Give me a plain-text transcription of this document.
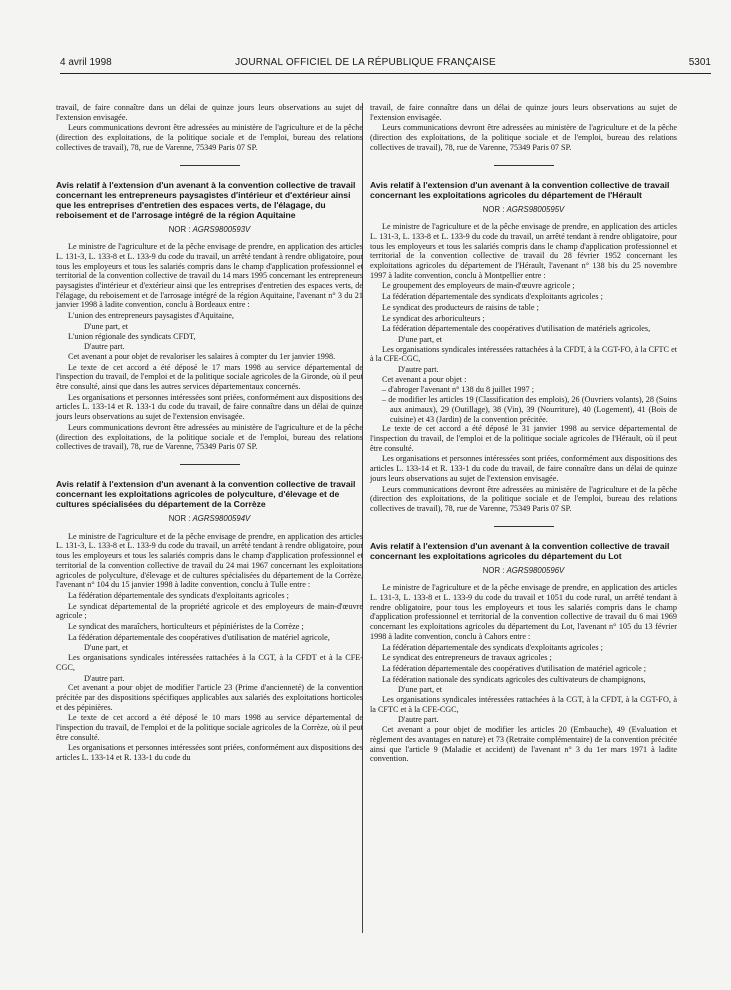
4 avril 1998	JOURNAL OFFICIEL DE LA RÉPUBLIQUE FRANÇAISE	5301

travail, de faire connaître dans un délai de quinze jours leurs observations au sujet de l'extension envisagée.

Leurs communications devront être adressées au ministère de l'agriculture et de la pêche (direction des exploitations, de la politique sociale et de l'emploi, bureau des relations collectives de travail), 78, rue de Varenne, 75349 Paris 07 SP.

Avis relatif à l'extension d'un avenant à la convention collective de travail concernant les entrepreneurs paysagistes d'intérieur et d'extérieur ainsi que les entreprises d'entretien des espaces verts, de l'élagage, du reboisement et de l'arrosage intégré de la région Aquitaine
NOR : AGRS9800593V

Le ministre de l'agriculture et de la pêche envisage de prendre, en application des articles L. 131-3, L. 133-8 et L. 133-9 du code du travail, un arrêté tendant à rendre obligatoire, pour tous les employeurs et tous les salariés compris dans le champ d'application professionnel et territorial de la convention collective de travail du 14 mars 1995 concernant les entrepreneurs paysagistes d'intérieur et d'extérieur ainsi que les entreprises d'entretien des espaces verts, de l'élagage, du reboisement et de l'arrosage intégré de la région Aquitaine, l'avenant n° 3 du 21 janvier 1998 à ladite convention, conclu à Bordeaux entre :

L'union des entrepreneurs paysagistes d'Aquitaine,

D'une part, et

L'union régionale des syndicats CFDT,

D'autre part.

Cet avenant a pour objet de revaloriser les salaires à compter du 1er janvier 1998.

Le texte de cet accord a été déposé le 17 mars 1998 au service départemental de l'inspection du travail, de l'emploi et de la politique sociale agricoles de la Gironde, où il peut être consulté, ainsi que dans les autres services départementaux concernés.

Les organisations et personnes intéressées sont priées, conformément aux dispositions des articles L. 133-14 et R. 133-1 du code du travail, de faire connaître dans un délai de quinze jours leurs observations au sujet de l'extension envisagée.

Leurs communications devront être adressées au ministère de l'agriculture et de la pêche (direction des exploitations, de la politique sociale et de l'emploi, bureau des relations collectives de travail), 78, rue de Varenne, 75349 Paris 07 SP.

Avis relatif à l'extension d'un avenant à la convention collective de travail concernant les exploitations agricoles de polyculture, d'élevage et de cultures spécialisées du département de la Corrèze
NOR : AGRS9800594V

Le ministre de l'agriculture et de la pêche envisage de prendre, en application des articles L. 131-3, L. 133-8 et L. 133-9 du code du travail, un arrêté tendant à rendre obligatoire, pour tous les employeurs et tous les salariés compris dans le champ d'application professionnel et territorial de la convention collective de travail du 24 mai 1967 concernant les exploitations agricoles de polyculture, d'élevage et de cultures spécialisées du département de la Corrèze, l'avenant n° 104 du 15 janvier 1998 à ladite convention, conclu à Tulle entre :

La fédération départementale des syndicats d'exploitants agricoles ;

Le syndicat départemental de la propriété agricole et des employeurs de main-d'œuvre agricole ;

Le syndicat des maraîchers, horticulteurs et pépiniéristes de la Corrèze ;

La fédération départementale des coopératives d'utilisation de matériel agricole,

D'une part, et

Les organisations syndicales intéressées rattachées à la CGT, à la CFDT et à la CFE-CGC,

D'autre part.

Cet avenant a pour objet de modifier l'article 23 (Prime d'ancienneté) de la convention précitée par des dispositions spécifiques applicables aux salariés des exploitations horticoles et des pépinières.

Le texte de cet accord a été déposé le 10 mars 1998 au service départemental de l'inspection du travail, de l'emploi et de la politique sociale agricoles de la Corrèze, où il peut être consulté.

Les organisations et personnes intéressées sont priées, conformément aux dispositions des articles L. 133-14 et R. 133-1 du code du

travail, de faire connaître dans un délai de quinze jours leurs observations au sujet de l'extension envisagée.

Leurs communications devront être adressées au ministère de l'agriculture et de la pêche (direction des exploitations, de la politique sociale et de l'emploi, bureau des relations collectives de travail), 78, rue de Varenne, 75349 Paris 07 SP.

Avis relatif à l'extension d'un avenant à la convention collective de travail concernant les exploitations agricoles du département de l'Hérault
NOR : AGRS9800595V

Le ministre de l'agriculture et de la pêche envisage de prendre, en application des articles L. 131-3, L. 133-8 et L. 133-9 du code du travail, un arrêté tendant à rendre obligatoire, pour tous les employeurs et tous les salariés compris dans le champ d'application professionnel et territorial de la convention collective de travail du 28 février 1952 concernant les exploitations agricoles du département de l'Hérault, l'avenant n° 138 bis du 25 novembre 1997 à ladite convention, conclu à Montpellier entre :

Le groupement des employeurs de main-d'œuvre agricole ;

La fédération départementale des syndicats d'exploitants agricoles ;

Le syndicat des producteurs de raisins de table ;

Le syndicat des arboriculteurs ;

La fédération départementale des coopératives d'utilisation de matériels agricoles,

D'une part, et

Les organisations syndicales intéressées rattachées à la CFDT, à la CGT-FO, à la CFTC et à la CFE-CGC,

D'autre part.

Cet avenant a pour objet :

– d'abroger l'avenant n° 138 du 8 juillet 1997 ;

– de modifier les articles 19 (Classification des emplois), 26 (Ouvriers volants), 28 (Soins aux animaux), 29 (Outillage), 38 (Vin), 39 (Nourriture), 40 (Logement), 41 (Bois de cuisine) et 43 (Jardin) de la convention précitée.

Le texte de cet accord a été déposé le 31 janvier 1998 au service départemental de l'inspection du travail, de l'emploi et de la politique sociale agricoles de l'Hérault, où il peut être consulté.

Les organisations et personnes intéressées sont priées, conformément aux dispositions des articles L. 133-14 et R. 133-1 du code du travail, de faire connaître dans un délai de quinze jours leurs observations au sujet de l'extension envisagée.

Leurs communications devront être adressées au ministère de l'agriculture et de la pêche (direction des exploitations, de la politique sociale et de l'emploi, bureau des relations collectives de travail), 78, rue de Varenne, 75349 Paris 07 SP.

Avis relatif à l'extension d'un avenant à la convention collective de travail concernant les exploitations agricoles du département du Lot
NOR : AGRS9800596V

Le ministre de l'agriculture et de la pêche envisage de prendre, en application des articles L. 131-3, L. 133-8 et L. 133-9 du code du travail et 1051 du code rural, un arrêté tendant à rendre obligatoire, pour tous les employeurs et tous les salariés compris dans le champ d'application professionnel et territorial de la convention collective de travail du 6 mai 1969 concernant les exploitations agricoles du département du Lot, l'avenant n° 105 du 13 février 1998 à ladite convention, conclu à Cahors entre :

La fédération départementale des syndicats d'exploitants agricoles ;

Le syndicat des entrepreneurs de travaux agricoles ;

La fédération départementale des coopératives d'utilisation de matériel agricole ;

La fédération nationale des syndicats agricoles des cultivateurs de champignons,

D'une part, et

Les organisations syndicales intéressées rattachées à la CGT, à la CFDT, à la CGT-FO, à la CFTC et à la CFE-CGC,

D'autre part.

Cet avenant a pour objet de modifier les articles 20 (Embauche), 49 (Evaluation et règlement des avantages en nature) et 73 (Retraite complémentaire) de la convention précitée ainsi que l'article 9 (Maladie et accident) de l'avenant n° 3 du 1er mars 1971 à ladite convention.
